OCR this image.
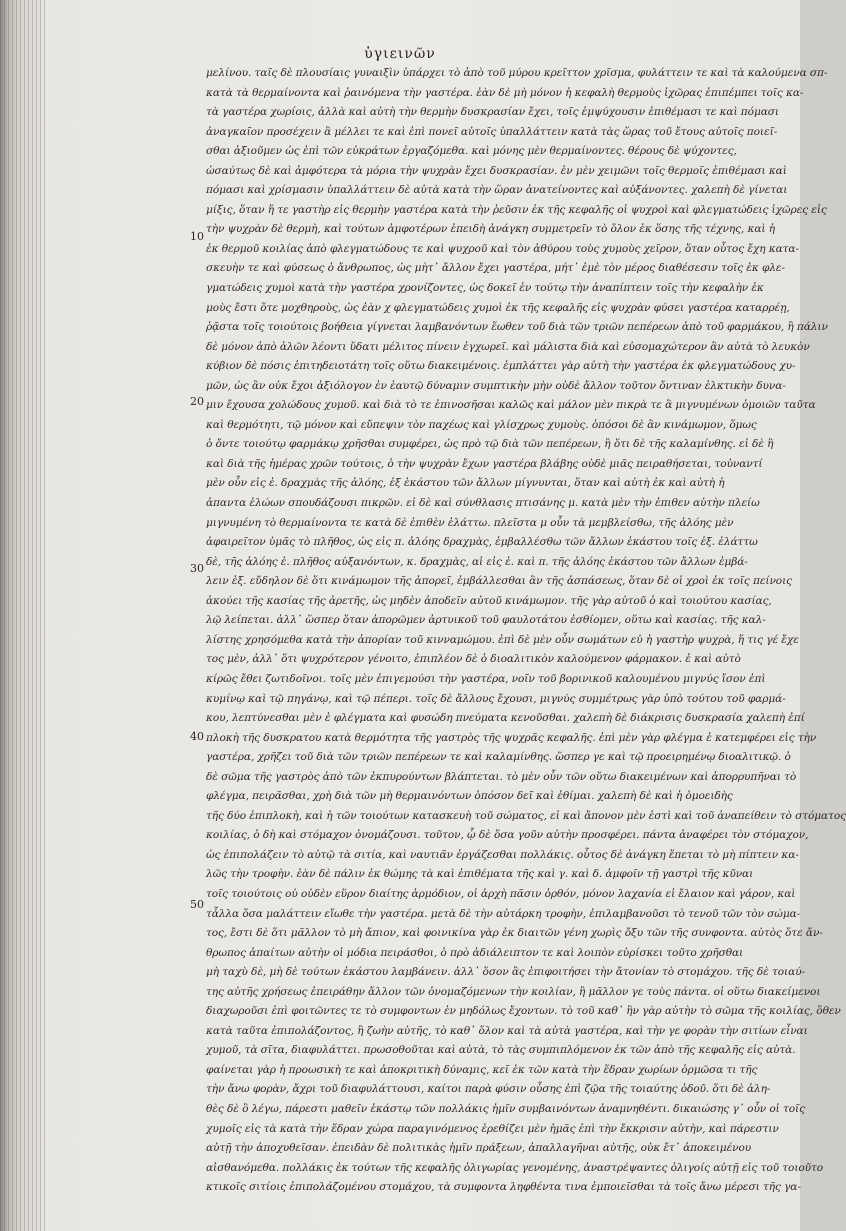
ὑγιεινῶν
10
20
30
40
50
μελίνου. ταῖς δὲ πλουσίαις γυναιξὶν ὑπάρχει τὸ ἀπὸ τοῦ μύρου κρεῖττον χρῖσμα, φυλάττειν τε καὶ τὰ καλούμενα σπ-
κατὰ τὰ θερμαίνοντα καὶ ῥαινόμενα τὴν γαστέρα. ἐὰν δὲ μὴ μόνον ἡ κεφαλὴ θερμοὺς ἰχῶρας ἐπιπέμπει τοῖς κα-
τὰ γαστέρα χωρίοις, ἀλλὰ καὶ αὐτὴ τὴν θερμὴν δυσκρασίαν ἔχει, τοῖς ἐμψύχουσιν ἐπιθέμασι τε καὶ πόμασι
ἀναγκαῖον προσέχειν ἃ μέλλει τε καὶ ἐπὶ πονεῖ αὐτοῖς ὑπαλλάττειν κατὰ τὰς ὥρας τοῦ ἔτους αὐτοῖς ποιεῖ-
σθαι ἀξιοῦμεν ὡς ἐπὶ τῶν εὐκράτων ἐργαζόμεθα. καὶ μόνης μὲν θερμαίνοντες. θέρους δὲ ψύχοντες,
ὡσαύτως δὲ καὶ ἀμφότερα τὰ μόρια τὴν ψυχρὰν ἔχει δυσκρασίαν. ἐν μὲν χειμῶνι τοῖς θερμοῖς ἐπιθέμασι καὶ
πόμασι καὶ χρίσμασιν ὑπαλλάττειν δὲ αὐτὰ κατὰ τὴν ὥραν ἀνατείνοντες καὶ αὐξάνοντες. χαλεπὴ δὲ γίνεται
μίξις, ὅταν ἥ τε γαστὴρ εἰς θερμὴν γαστέρα κατὰ τὴν ῥεῦσιν ἐκ τῆς κεφαλῆς οἱ ψυχροὶ καὶ φλεγματώδεις ἰχῶρες εἰς
τὴν ψυχρὰν δὲ θερμὴ, καὶ τούτων ἀμφοτέρων ἐπειδὴ ἀνάγκη συμμετρεῖν τὸ ὅλον ἐκ ὅσης τῆς τέχνης, καὶ ἡ
ἐκ θερμοῦ κοιλίας ἀπὸ φλεγματώδους τε καὶ ψυχροῦ καὶ τὸν ἀθύρου τοὺς χυμοὺς χεῖρον, ὅταν οὗτος ἔχη κατα-
σκευὴν τε καὶ φύσεως ὁ ἄνθρωπος, ὡς μὴτ᾽ ἄλλον ἔχει γαστέρα, μήτ᾽ ἐμὲ τὸν μέρος διαθέσεσιν τοῖς ἐκ φλε-
γματώδεις χυμοὶ κατὰ τὴν γαστέρα χρονίζοντες, ὡς δοκεῖ ἐν τούτῳ τὴν ἀναπίπτειν τοῖς τὴν κεφαλὴν ἐκ
μοὺς ἔστι ὅτε μοχθηροὺς, ὡς ἐὰν χ φλεγματώδεις χυμοὶ ἐκ τῆς κεφαλῆς εἰς ψυχρὰν φύσει γαστέρα καταρρέῃ,
ῥᾷστα τοῖς τοιούτοις βοήθεια γίγνεται λαμβανόντων ἕωθεν τοῦ διὰ τῶν τριῶν πεπέρεων ἀπὸ τοῦ φαρμάκου, ἢ πάλιν
δὲ μόνον ἀπὸ ἁλῶν λέοντι ὕδατι μέλιτος πίνειν ἐγχωρεῖ. καὶ μάλιστα διὰ καὶ εὐσομαχώτερον ἂν αὐτὰ τὸ λευκὸν
κύβιον δὲ πόσις ἐπιτηδειοτάτη τοῖς οὕτω διακειμένοις. ἐμπλάττει γὰρ αὐτὴ τὴν γαστέρα ἐκ φλεγματώδους χυ-
μῶν, ὡς ἂν οὐκ ἔχοι ἀξιόλογον ἐν ἑαυτῷ δύναμιν συμπτικὴν μὴν οὐδὲ ἄλλον τοῦτον ὄντιναν ἐλκτικὴν δυνα-
μιν ἔχουσα χολώδους χυμοῦ. καὶ διὰ τὸ τε ἐπινοσῆσαι καλῶς καὶ μάλον μὲν πικρὰ τε ἃ μιγνυμένων ὁμοιῶν ταῦτα
καὶ θερμότητι, τῷ μόνον καὶ εὔπεψιν τὸν παχέως καὶ γλίσχρως χυμοὺς. ὁπόσοι δὲ ἂν κινάμωμον, ὅμως
ὁ ὄντε τοιούτῳ φαρμάκῳ χρῆσθαι συμφέρει, ὡς πρὸ τῷ διὰ τῶν πεπέρεων, ἢ ὅτι δὲ τῆς καλαμίνθης. εἰ δὲ ἢ
καὶ διὰ τῆς ἡμέρας χρῶν τούτοις, ὁ τὴν ψυχρὰν ἔχων γαστέρα βλάβης οὐδὲ μιᾶς πειραθήσεται, τοὐναντί
μὲν οὖν εἰς ἐ. δραχμὰς τῆς ἀλόης, ἐξ ἑκάστου τῶν ἄλλων μίγνυνται, ὅταν καὶ αὐτὴ ἐκ καὶ αὐτὴ ἡ
ἀπαντα ἐλώων σπουδάζουσι πικρῶν. εἰ δὲ καὶ σύνθλασις πτισάνης μ. κατὰ μὲν τὴν ἐπιθεν αὐτὴν πλείω
μιγνυμένη τὸ θερμαίνοντα τε κατὰ δὲ ἐπιθὲν ἐλάττω. πλεῖστα μ οὖν τὰ μεμβλείσθω, τῆς ἀλόης μὲν
ἀφαιρεῖτον ὑμᾶς τὸ πλῆθος, ὡς εἰς π. ἀλόης δραχμὰς, ἐμβαλλέσθω τῶν ἄλλων ἑκάστου τοῖς ἐξ. ἐλάττω
δὲ, τῆς ἀλόης ἐ. πλῆθος αὐξανόντων, κ. δραχμὰς, αἱ εἰς ἐ. καὶ π. τῆς ἀλόης ἑκάστου τῶν ἄλλων ἐμβά-
λειν ἐξ. εὔδηλον δὲ ὅτι κινάμωμον τῆς ἀπορεῖ, ἐμβάλλεσθαι ἃν τῆς ἀσπάσεως, ὅταν δὲ οἱ χροὶ ἐκ τοῖς πείνοις
ἀκούει τῆς κασίας τῆς ἀρετῆς, ὡς μηδὲν ἀποδεῖν αὐτοῦ κινάμωμον. τῆς γὰρ αὐτοῦ ὁ καὶ τοιούτου κασίας,
λῷ λείπεται. ἀλλ᾽ ὥσπερ ὅταν ἀπορῶμεν ἀρτυικοῦ τοῦ φαυλοτάτου ἐσθίομεν, οὕτω καὶ κασίας. τῆς καλ-
λίστης χρησόμεθα κατὰ τὴν ἀπορίαν τοῦ κινναμώμου. ἐπὶ δὲ μὲν οὖν σωμάτων εὐ ἡ γαστὴρ ψυχρὰ, ἥ τις γέ ἔχε
τος μὲν, ἀλλ᾽ ὅτι ψυχρότερον γένοιτο, ἐπιπλέον δὲ ὁ διοαλιτικὸν καλούμενον φάρμακον. ἐ καὶ αὐτὸ
κίρῶς ἔθει ζωτιδοῖνοι. τοῖς μὲν ἐπιγεμούσι τὴν γαστέρα, νοῖν τοῦ βορινικοῦ καλουμένου μιγνύς ἴσον ἐπὶ
κυμίνῳ καὶ τῷ πηγάνῳ, καὶ τῷ πέπερι. τοῖς δὲ ἄλλους ἔχουσι, μιγνύς συμμέτρως γὰρ ὑπὸ τούτου τοῦ φαρμά-
κου, λεπτύνεσθαι μὲν ἐ φλέγματα καὶ φυσώδη πνεύματα κενοῦσθαι. χαλεπὴ δὲ διάκρισις δυσκρασία χαλεπὴ ἐπί
πλοκὴ τῆς δυσκρατου κατὰ θερμότητα τῆς γαστρὸς τῆς ψυχρᾶς κεφαλῆς. ἐπὶ μὲν γὰρ φλέγμα ἐ κατεμφέρει εἰς τὴν
γαστέρα, χρῆζει τοῦ διὰ τῶν τριῶν πεπέρεων τε καὶ καλαμίνθης. ὥσπερ γε καὶ τῷ προειρημένῳ διοαλιτικῷ. ὁ
δὲ σῶμα τῆς γαστρὸς ἀπὸ τῶν ἐκπυρούντων βλάπτεται. τὸ μὲν οὖν τῶν οὕτω διακειμένων καὶ ἀπορρυπῆναι τὸ
φλέγμα, πειρᾶσθαι, χρὴ διὰ τῶν μὴ θερμαινόντων ὁπόσον δεῖ καὶ ἐθίμαι. χαλεπὴ δὲ καὶ ἡ ὁμοειδὴς
τῆς δύο ἐπιπλοκὴ, καὶ ἡ τῶν τοιούτων κατασκευὴ τοῦ σώματος, εἰ καὶ ἄπονον μὲν ἐστὶ καὶ τοῦ ἀναπείθειν τὸ στόματος
κοιλίας, ὁ δὴ καὶ στόμαχον ὀνομάζουσι. τοῦτον, ᾧ δὲ ὅσα γοῦν αὐτὴν προσφέρει. πάντα ἀναφέρει τὸν στόμαχον,
ὡς ἐπιπολάζειν τὸ αὐτῷ τὰ σιτία, καὶ ναυτιᾶν ἐργάζεσθαι πολλάκις. οὗτος δὲ ἀνάγκη ἕπεται τὸ μὴ πίπτειν κα-
λῶς τὴν τροφὴν. ἐὰν δὲ πάλιν ἐκ θώμης τὰ καὶ ἐπιθέματα τῆς καὶ γ. καὶ δ. ἀμφοῖν τῇ γαστρὶ τῆς κῦναι
τοῖς τοιούτοις οὐ οὐδὲν εὕρον διαίτης ἁρμόδιον, οἱ ἀρχὴ πᾶσιν ὀρθόν, μόνον λαχανία εἰ ἔλαιον καὶ γάρον, καὶ
τἆλλα ὅσα μαλάττειν εἴωθε τὴν γαστέρα. μετὰ δὲ τὴν αὐτάρκη τροφὴν, ἐπιλαμβανοῦσι τὸ τενοῦ τῶν τὸν σώμα-
τος, ἔστι δὲ ὅτι μᾶλλον τὸ μὴ ἄπιον, καὶ φοινικίνα γὰρ ἐκ διαιτῶν γένη χωρὶς ὄξυ τῶν τῆς συνφοντα. αὐτὸς ὅτε ἄν-
θρωπος ἀπαίτων αὐτὴν οἱ μόδια πειράσθοι, ὁ πρὸ ἀδιάλειπτον τε καὶ λοιπὸν εὑρίσκει τοῦτο χρῆσθαι
μὴ ταχὺ δὲ, μὴ δὲ τούτων ἑκάστου λαμβάνειν. ἀλλ᾽ ὅσον ἂς ἐπιφοιτήσει τὴν ἄτονίαν τὸ στομάχου. τῆς δὲ τοιαύ-
της αὐτῆς χρήσεως ἐπειράθην ἄλλον τῶν ὀνομαζόμενων τὴν κοιλίαν, ἢ μᾶλλον γε τοὺς πάντα. οἱ οὕτω διακείμενοι
διαχωροῦσι ἐπὶ φοιτῶντες τε τὸ συμφοντων ἐν μηδόλως ἔχοντων. τὸ τοῦ καθ᾽ ἣν γὰρ αὐτὴν τὸ σῶμα τῆς κοιλίας, ὅθεν
κατὰ ταῦτα ἐπιπολάζοντος, ἢ ζωὴν αὐτῆς, τὸ καθ᾽ ὅλον καὶ τὰ αὐτὰ γαστέρα, καὶ τὴν γε φορὰν τὴν σιτίων εἶναι
χυμοῦ, τὰ σῖτα, διαφυλάττει. πρωσοθοῦται καὶ αὐτὰ, τὸ τὰς συμπιπλόμενον ἐκ τῶν ἀπὸ τῆς κεφαλῆς εἰς αὐτὰ.
φαίνεται γὰρ ἡ προωσικὴ τε καὶ ἀποκριτικὴ δύναμις, κεῖ ἐκ τῶν κατὰ τὴν ἕδραν χωρίων ὁρμῶσα τι τῆς
τὴν ἄνω φορὰν, ἄχρι τοῦ διαφυλάττουσι, καίτοι παρὰ φύσιν οὖσης ἐπὶ ζῷα τῆς τοιαύτης ὁδοῦ. ὅτι δὲ ἀλη-
θὲς δὲ ὃ λέγω, πάρεστι μαθεῖν ἑκάστῳ τῶν πολλάκις ἡμῖν συμβαινόντων ἀναμνηθέντι. δικαιώσης γ᾽ οὖν οἱ τοῖς
χυμοῖς εἰς τὰ κατὰ τὴν ἕδραν χώρα παραγινόμενος ἐρεθίζει μὲν ἡμᾶς ἐπὶ τὴν ἔκκρισιν αὐτὴν, καὶ πάρεστιν
αὐτῇ τὴν ἀποχυθεῖσαν. ἐπειδὰν δὲ πολιτικὰς ἡμῖν πράξεων, ἀπαλλαγῆναι αὐτῆς, οὐκ ἔτ᾽ ἀποκειμένου
αἰσθανόμεθα. πολλάκις ἐκ τούτων τῆς κεφαλῆς ὀλιγωρίας γενομένης, ἀναστρέψαντες ὀλιγοίς αὐτῇ εἰς τοῦ τοιοῦτο
κτικοῖς σιτίοις ἐπιπολάζομένου στομάχου, τὰ συμφοντα ληφθέντα τινα ἐμποιεῖσθαι τὰ τοῖς ἄνω μέρεσι τῆς γα-
